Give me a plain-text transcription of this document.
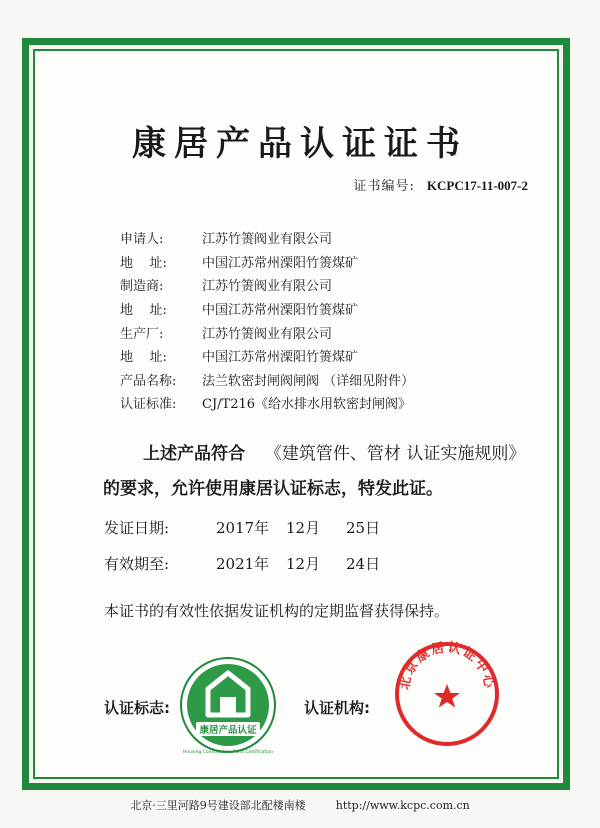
康居产品认证证书
证书编号: KCPC17-11-007-2
申请人:	江苏竹箦阀业有限公司
地    址:	中国江苏常州溧阳竹箦煤矿
制造商:	江苏竹箦阀业有限公司
地    址:	中国江苏常州溧阳竹箦煤矿
生产厂:	江苏竹箦阀业有限公司
地    址:	中国江苏常州溧阳竹箦煤矿
产品名称: 法兰软密封闸阀闸阀 （详细见附件）
认证标准: CJ/T216《给水排水用软密封闸阀》
上述产品符合 《建筑管件、管材 认证实施规则》
的要求，允许使用康居认证标志，特发此证。
发证日期:	2017年 12月 25日
有效期至:	2021年 12月 24日
本证书的有效性依据发证机构的定期监督获得保持。
认证标志:
康居产品认证
Housing Construction Parts Certification
认证机构:
北京康居认证中心
北京·三里河路9号建设部北配楼南楼	http://www.kcpc.com.cn
